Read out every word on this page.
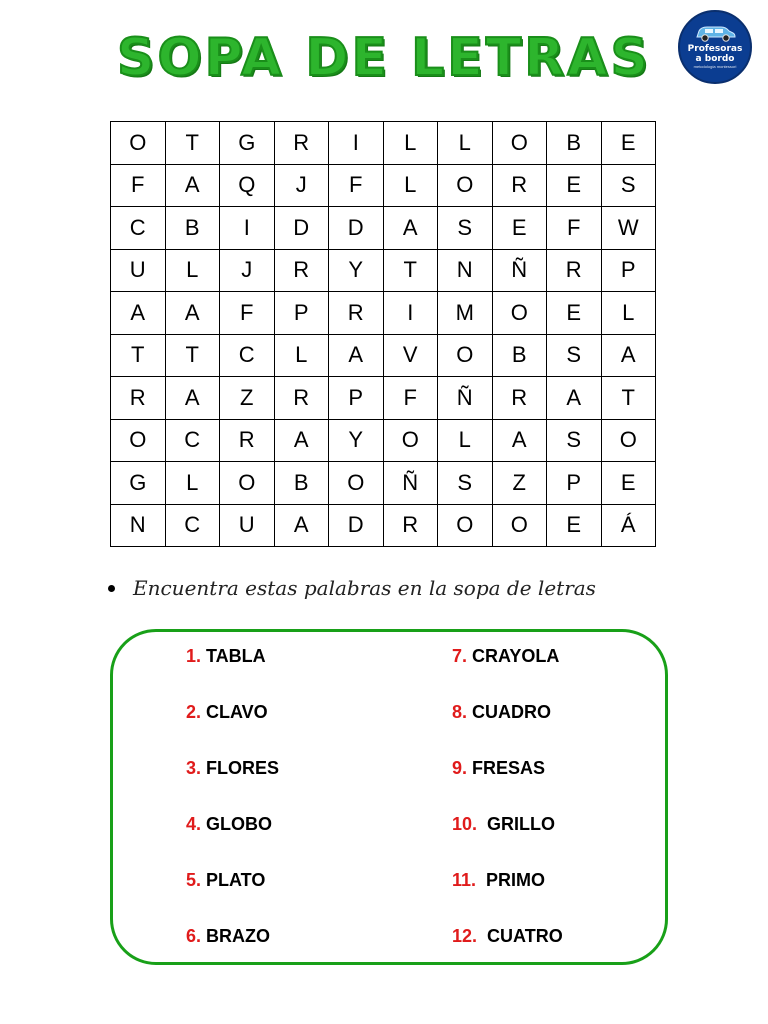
SOPA DE LETRAS	Profesoras
a bordo
metodología montessori
O	T	G	R	I	L	L	O	B	E
F	A	Q	J	F	L	O	R	E	S
C	B	I	D	D	A	S	E	F	W
U	L	J	R	Y	T	N	Ñ	R	P
A	A	F	P	R	I	M	O	E	L
T	T	C	L	A	V	O	B	S	A
R	A	Z	R	P	F	Ñ	R	A	T
O	C	R	A	Y	O	L	A	S	O
G	L	O	B	O	Ñ	S	Z	P	E
N	C	U	A	D	R	O	O	E	Á
Encuentra estas palabras en la sopa de letras
1. TABLA
2. CLAVO
3. FLORES
4. GLOBO
5. PLATO
6. BRAZO
7. CRAYOLA
8. CUADRO
9. FRESAS
10.  GRILLO
11.  PRIMO
12.  CUATRO
